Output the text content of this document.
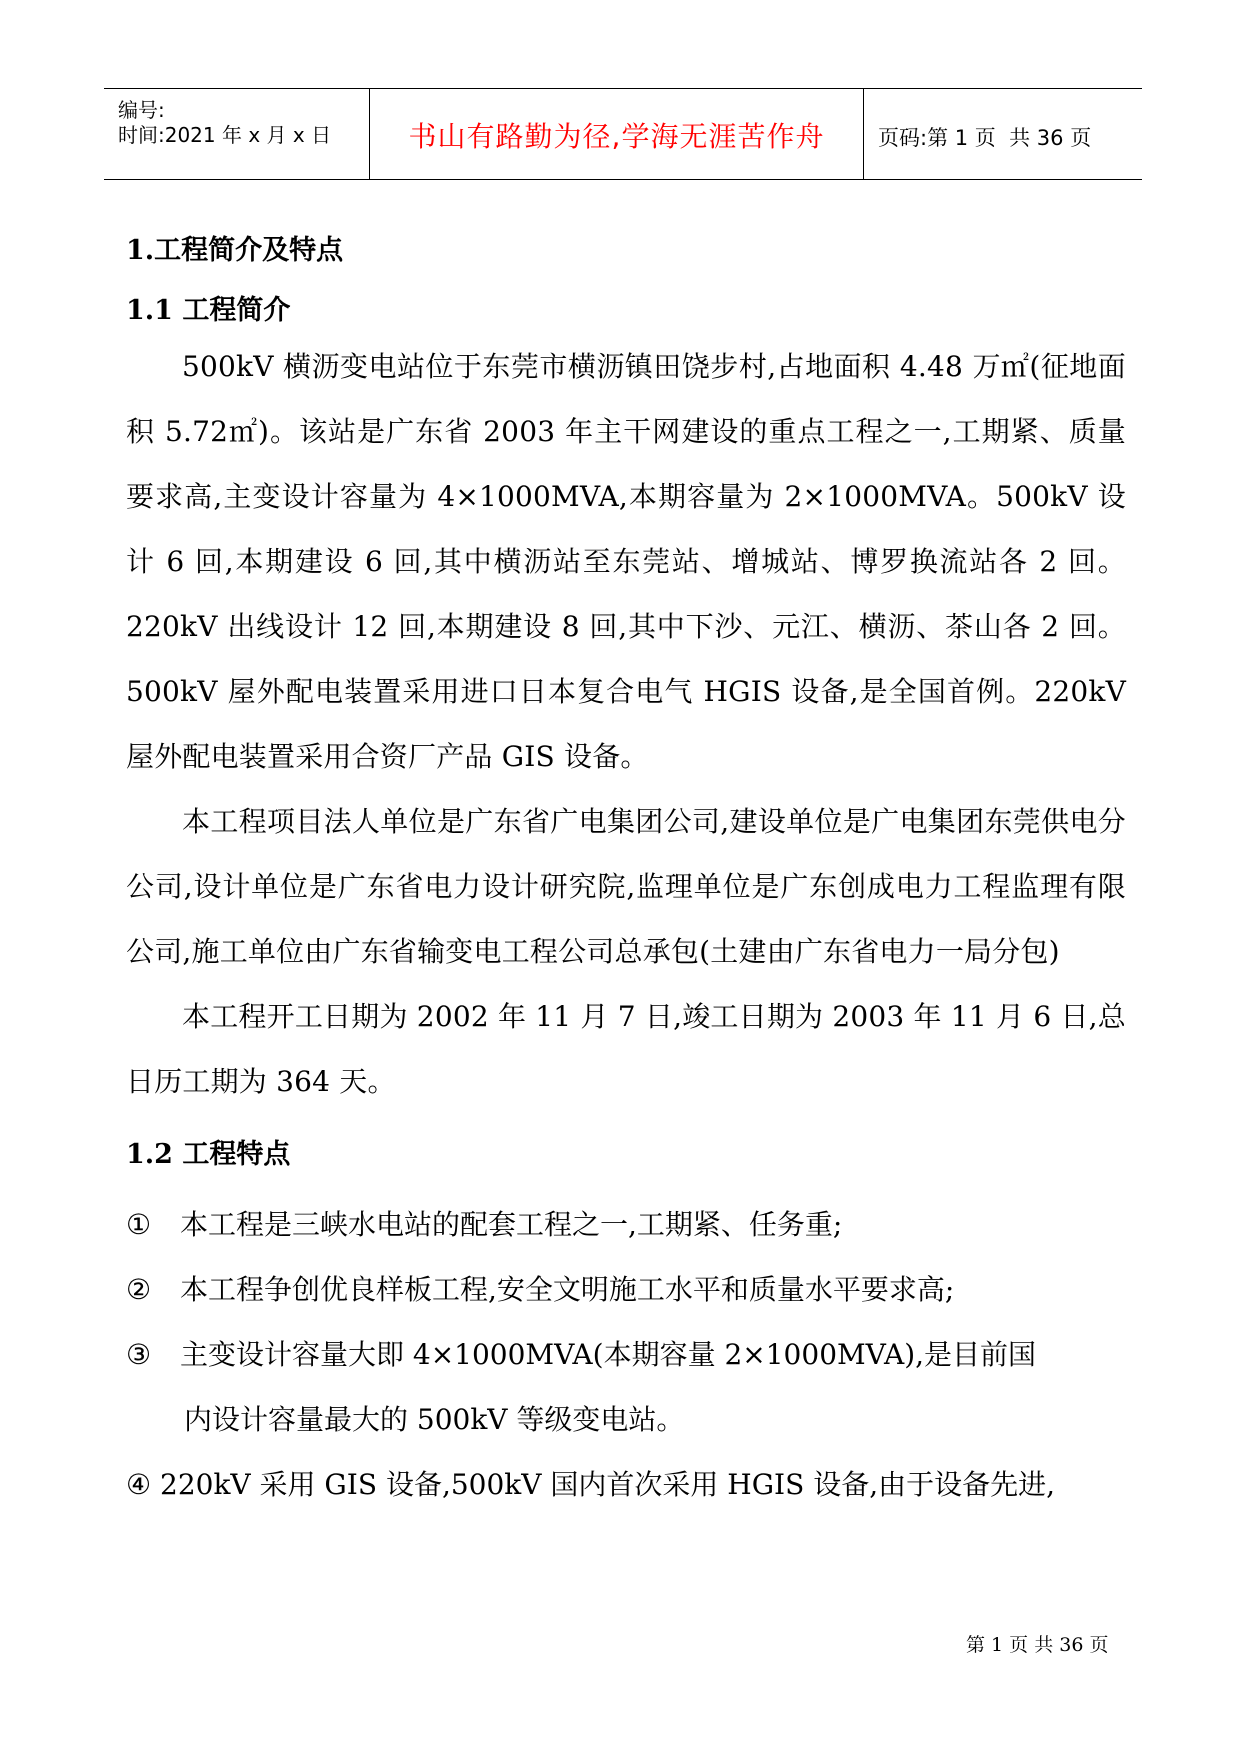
编号:
时间:2021 年 x 月 x 日	书山有路勤为径,学海无涯苦作舟	页码:第 1 页  共 36 页
1.工程简介及特点
1.1 工程简介

500kV 横沥变电站位于东莞市横沥镇田饶步村,占地面积 4.48 万㎡(征地面积 5.72㎡)。该站是广东省 2003 年主干网建设的重点工程之一,工期紧、质量要求高,主变设计容量为 4×1000MVA,本期容量为 2×1000MVA。500kV 设计 6 回,本期建设 6 回,其中横沥站至东莞站、增城站、博罗换流站各 2 回。220kV 出线设计 12 回,本期建设 8 回,其中下沙、元江、横沥、茶山各 2 回。500kV 屋外配电装置采用进口日本复合电气 HGIS 设备,是全国首例。220kV 屋外配电装置采用合资厂产品 GIS 设备。

本工程项目法人单位是广东省广电集团公司,建设单位是广电集团东莞供电分公司,设计单位是广东省电力设计研究院,监理单位是广东创成电力工程监理有限公司,施工单位由广东省输变电工程公司总承包(土建由广东省电力一局分包)

本工程开工日期为 2002 年 11 月 7 日,竣工日期为 2003 年 11 月 6 日,总日历工期为 364 天。

1.2 工程特点
①	本工程是三峡水电站的配套工程之一,工期紧、任务重;
②	本工程争创优良样板工程,安全文明施工水平和质量水平要求高;
③	主变设计容量大即 4×1000MVA(本期容量 2×1000MVA),是目前国
内设计容量最大的 500kV 等级变电站。
④ 220kV 采用 GIS 设备,500kV 国内首次采用 HGIS 设备,由于设备先进,
第 1 页 共 36 页
